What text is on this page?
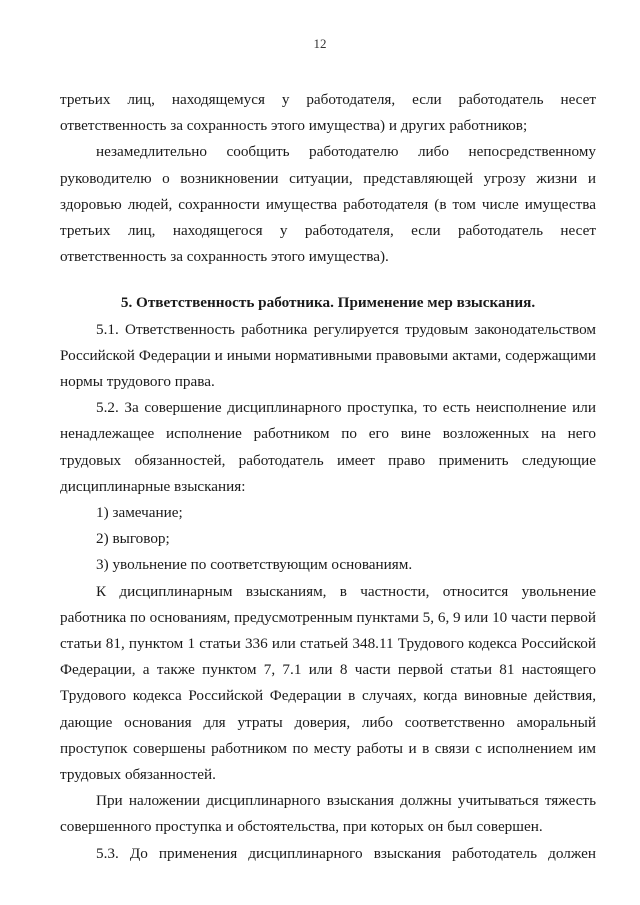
12

третьих лиц, находящемуся у работодателя, если работодатель несет ответственность за сохранность этого имущества) и других работников;

незамедлительно сообщить работодателю либо непосредственному руководителю о возникновении ситуации, представляющей угрозу жизни и здоровью людей, сохранности имущества работодателя (в том числе имущества третьих лиц, находящегося у работодателя, если работодатель несет ответственность за сохранность этого имущества).

5. Ответственность работника. Применение мер взыскания.

5.1. Ответственность работника регулируется трудовым законодательством Российской Федерации и иными нормативными правовыми актами, содержащими нормы трудового права.

5.2. За совершение дисциплинарного проступка, то есть неисполнение или ненадлежащее исполнение работником по его вине возложенных на него трудовых обязанностей, работодатель имеет право применить следующие дисциплинарные взыскания:

1) замечание;

2) выговор;

3) увольнение по соответствующим основаниям.

К дисциплинарным взысканиям, в частности, относится увольнение работника по основаниям, предусмотренным пунктами 5, 6, 9 или 10 части первой статьи 81, пунктом 1 статьи 336 или статьей 348.11 Трудового кодекса Российской Федерации, а также пунктом 7, 7.1 или 8 части первой статьи 81 настоящего Трудового кодекса Российской Федерации в случаях, когда виновные действия, дающие основания для утраты доверия, либо соответственно аморальный проступок совершены работником по месту работы и в связи с исполнением им трудовых обязанностей.

При наложении дисциплинарного взыскания должны учитываться тяжесть совершенного проступка и обстоятельства, при которых он был совершен.

5.3. До применения дисциплинарного взыскания работодатель должен
